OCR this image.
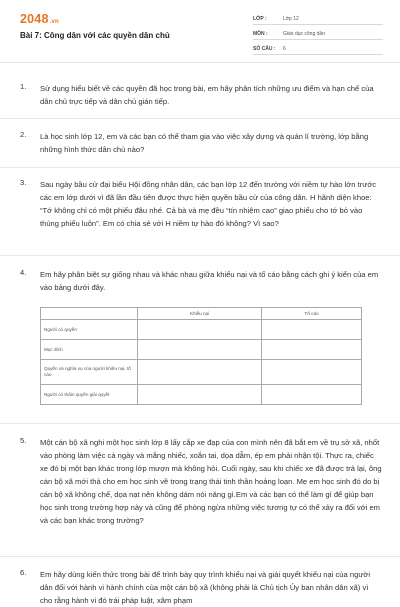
2048.vn
Bài 7: Công dân với các quyền dân chủ
LỚP :	Lớp 12
MÔN :	Giáo dục công dân
SỐ CÂU :	6
1. Sử dụng hiểu biết về các quyền đã học trong bài, em hãy phân tích những ưu điểm và hạn chế của dân chủ trực tiếp và dân chủ gián tiếp.
2. Là học sinh lớp 12, em và các bạn có thể tham gia vào việc xây dựng và quản lí trường, lớp bằng những hình thức dân chủ nào?
3. Sau ngày bầu cử đại biểu Hội đồng nhân dân, các bạn lớp 12 đến trường với niềm tự hào lớn trước các em lớp dưới vì đã lần đầu tiên được thực hiện quyền bầu cử của công dân. H hãnh diện khoe: “Tớ không chỉ có một phiếu đâu nhé. Cả bà và mẹ đều “tín nhiệm cao” giao phiếu cho tớ bỏ vào thùng phiếu luôn”. Em có chia sẻ với H niềm tự hào đó không? Vì sao?
4. Em hãy phân biệt sự giống nhau và khác nhau giữa khiếu nại và tố cáo bằng cách ghi ý kiến của em vào bảng dưới đây.
	Khiếu nại	Tố cáo
Người có quyền		
Mục đích		
Quyền và nghĩa vụ của người khiếu nại, tố cáo		
Người có thẩm quyền giải quyết		
5. Một cán bộ xã nghi một học sinh lớp 8 lấy cắp xe đạp của con mình nên đã bắt em về trụ sở xã, nhốt vào phòng làm việc cả ngày và mắng nhiếc, xoắn tai, dọa dẫm, ép em phải nhận tội. Thực ra, chiếc xe đó bị một bạn khác trong lớp mượn mà không hỏi. Cuối ngày, sau khi chiếc xe đã được trả lại, ông cán bộ xã mới thả cho em học sinh về trong trạng thái tinh thần hoảng loạn. Mẹ em học sinh đó do bị cán bộ xã không chế, dọa nạt nên không dám nói năng gì.Em và các bạn có thể làm gì để giúp bạn học sinh trong trường hợp này và cũng để phòng ngừa những việc tương tự có thể xảy ra đối với em và các bạn khác trong trường?
6. Em hãy dùng kiến thức trong bài để trình bày quy trình khiếu nại và giải quyết khiếu nại của người dân đối với hành vi hành chính của một cán bộ xã (không phải là Chủ tịch Ủy ban nhân dân xã) vì cho rằng hành vi đó trái pháp luật, xâm phạm
